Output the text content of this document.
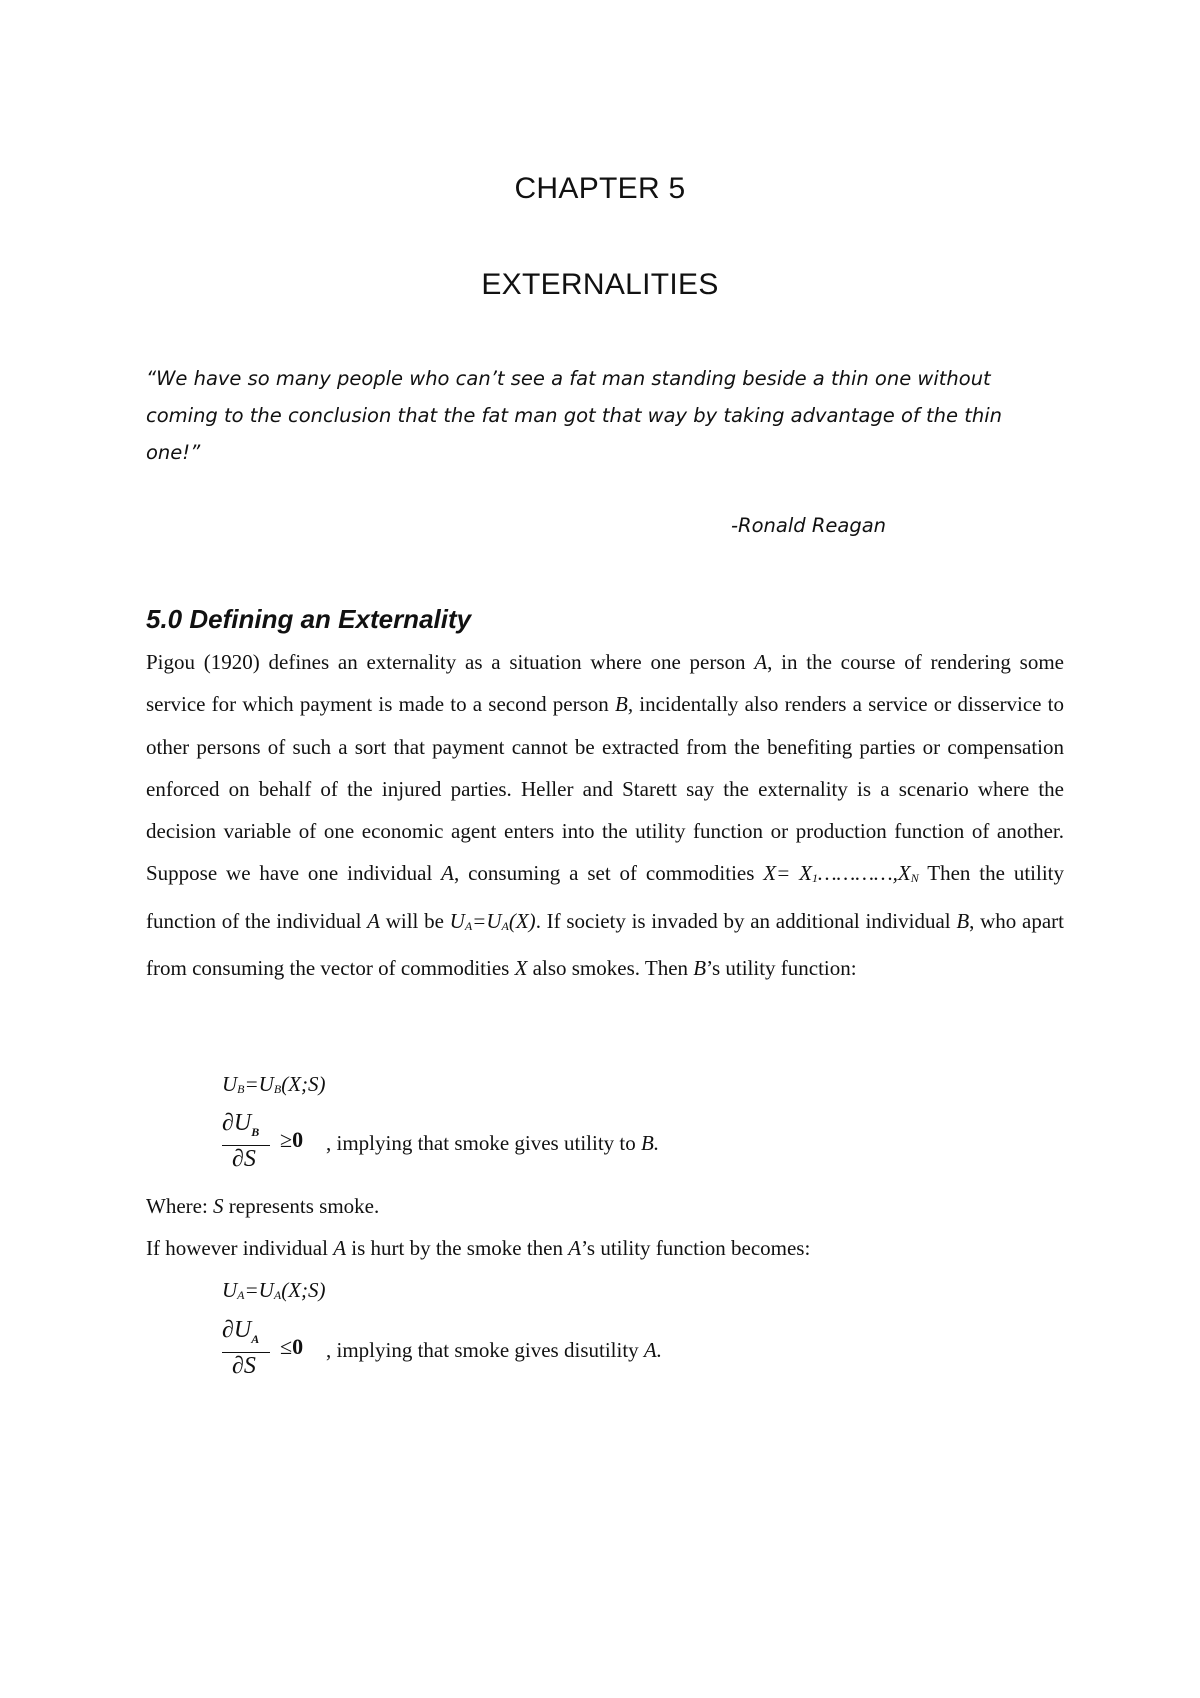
CHAPTER 5
EXTERNALITIES

“We have so many people who can’t see a fat man standing beside a thin one without coming to the conclusion that the fat man got that way by taking advantage of the thin one!”

-Ronald Reagan
5.0 Defining an Externality

Pigou (1920) defines an externality as a situation where one person A, in the course of rendering some service for which payment is made to a second person B, incidentally also renders a service or disservice to other persons of such a sort that payment cannot be extracted from the benefiting parties or compensation enforced on behalf of the injured parties. Heller and Starett say the externality is a scenario where the decision variable of one economic agent enters into the utility function or production function of another. Suppose we have one individual A, consuming a set of commodities $X= X_1\dots\dots\dots\dots,X_N$ Then the utility function of the individual A will be $U_A=U_A(X)$. If society is invaded by an additional individual B, who apart from consuming the vector of commodities X also smokes. Then B’s utility function:

$U_B=U_B(X;S)$
$\partial U_B$
∂S
≥0 , implying that smoke gives utility to B.
Where: S represents smoke.
If however individual A is hurt by the smoke then A’s utility function becomes:
$U_A=U_A(X;S)$
$\partial U_A$
∂S
≤0 , implying that smoke gives disutility A.
